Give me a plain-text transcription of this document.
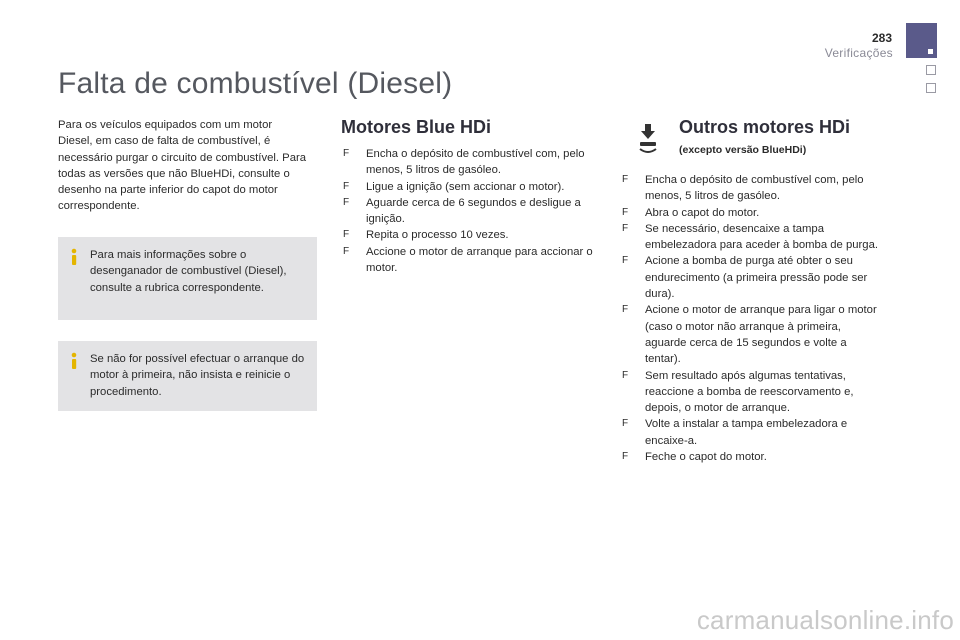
283
Verificações
Falta de combustível (Diesel)

Para os veículos equipados com um motor Diesel, em caso de falta de combustível, é necessário purgar o circuito de combustível. Para todas as versões que não BlueHDi, consulte o desenho na parte inferior do capot do motor correspondente.

Para mais informações sobre o desenganador de combustível (Diesel), consulte a rubrica correspondente.
Se não for possível efectuar o arranque do motor à primeira, não insista e reinicie o procedimento.
Motores Blue HDi
F Encha o depósito de combustível com, pelo menos, 5 litros de gasóleo.
F Ligue a ignição (sem accionar o motor).
F Aguarde cerca de 6 segundos e desligue a ignição.
F Repita o processo 10 vezes.
F Accione o motor de arranque para accionar o motor.
Outros motores HDi

(excepto versão BlueHDi)

F Encha o depósito de combustível com, pelo menos, 5 litros de gasóleo.
F Abra o capot do motor.
F Se necessário, desencaixe a tampa embelezadora para aceder à bomba de purga.
F Acione a bomba de purga até obter o seu endurecimento (a primeira pressão pode ser dura).
F Acione o motor de arranque para ligar o motor (caso o motor não arranque à primeira, aguarde cerca de 15 segundos e volte a tentar).
F Sem resultado após algumas tentativas, reaccione a bomba de reescorvamento e, depois, o motor de arranque.
F Volte a instalar a tampa embelezadora e encaixe-a.
F Feche o capot do motor.
carmanualsonline.info
